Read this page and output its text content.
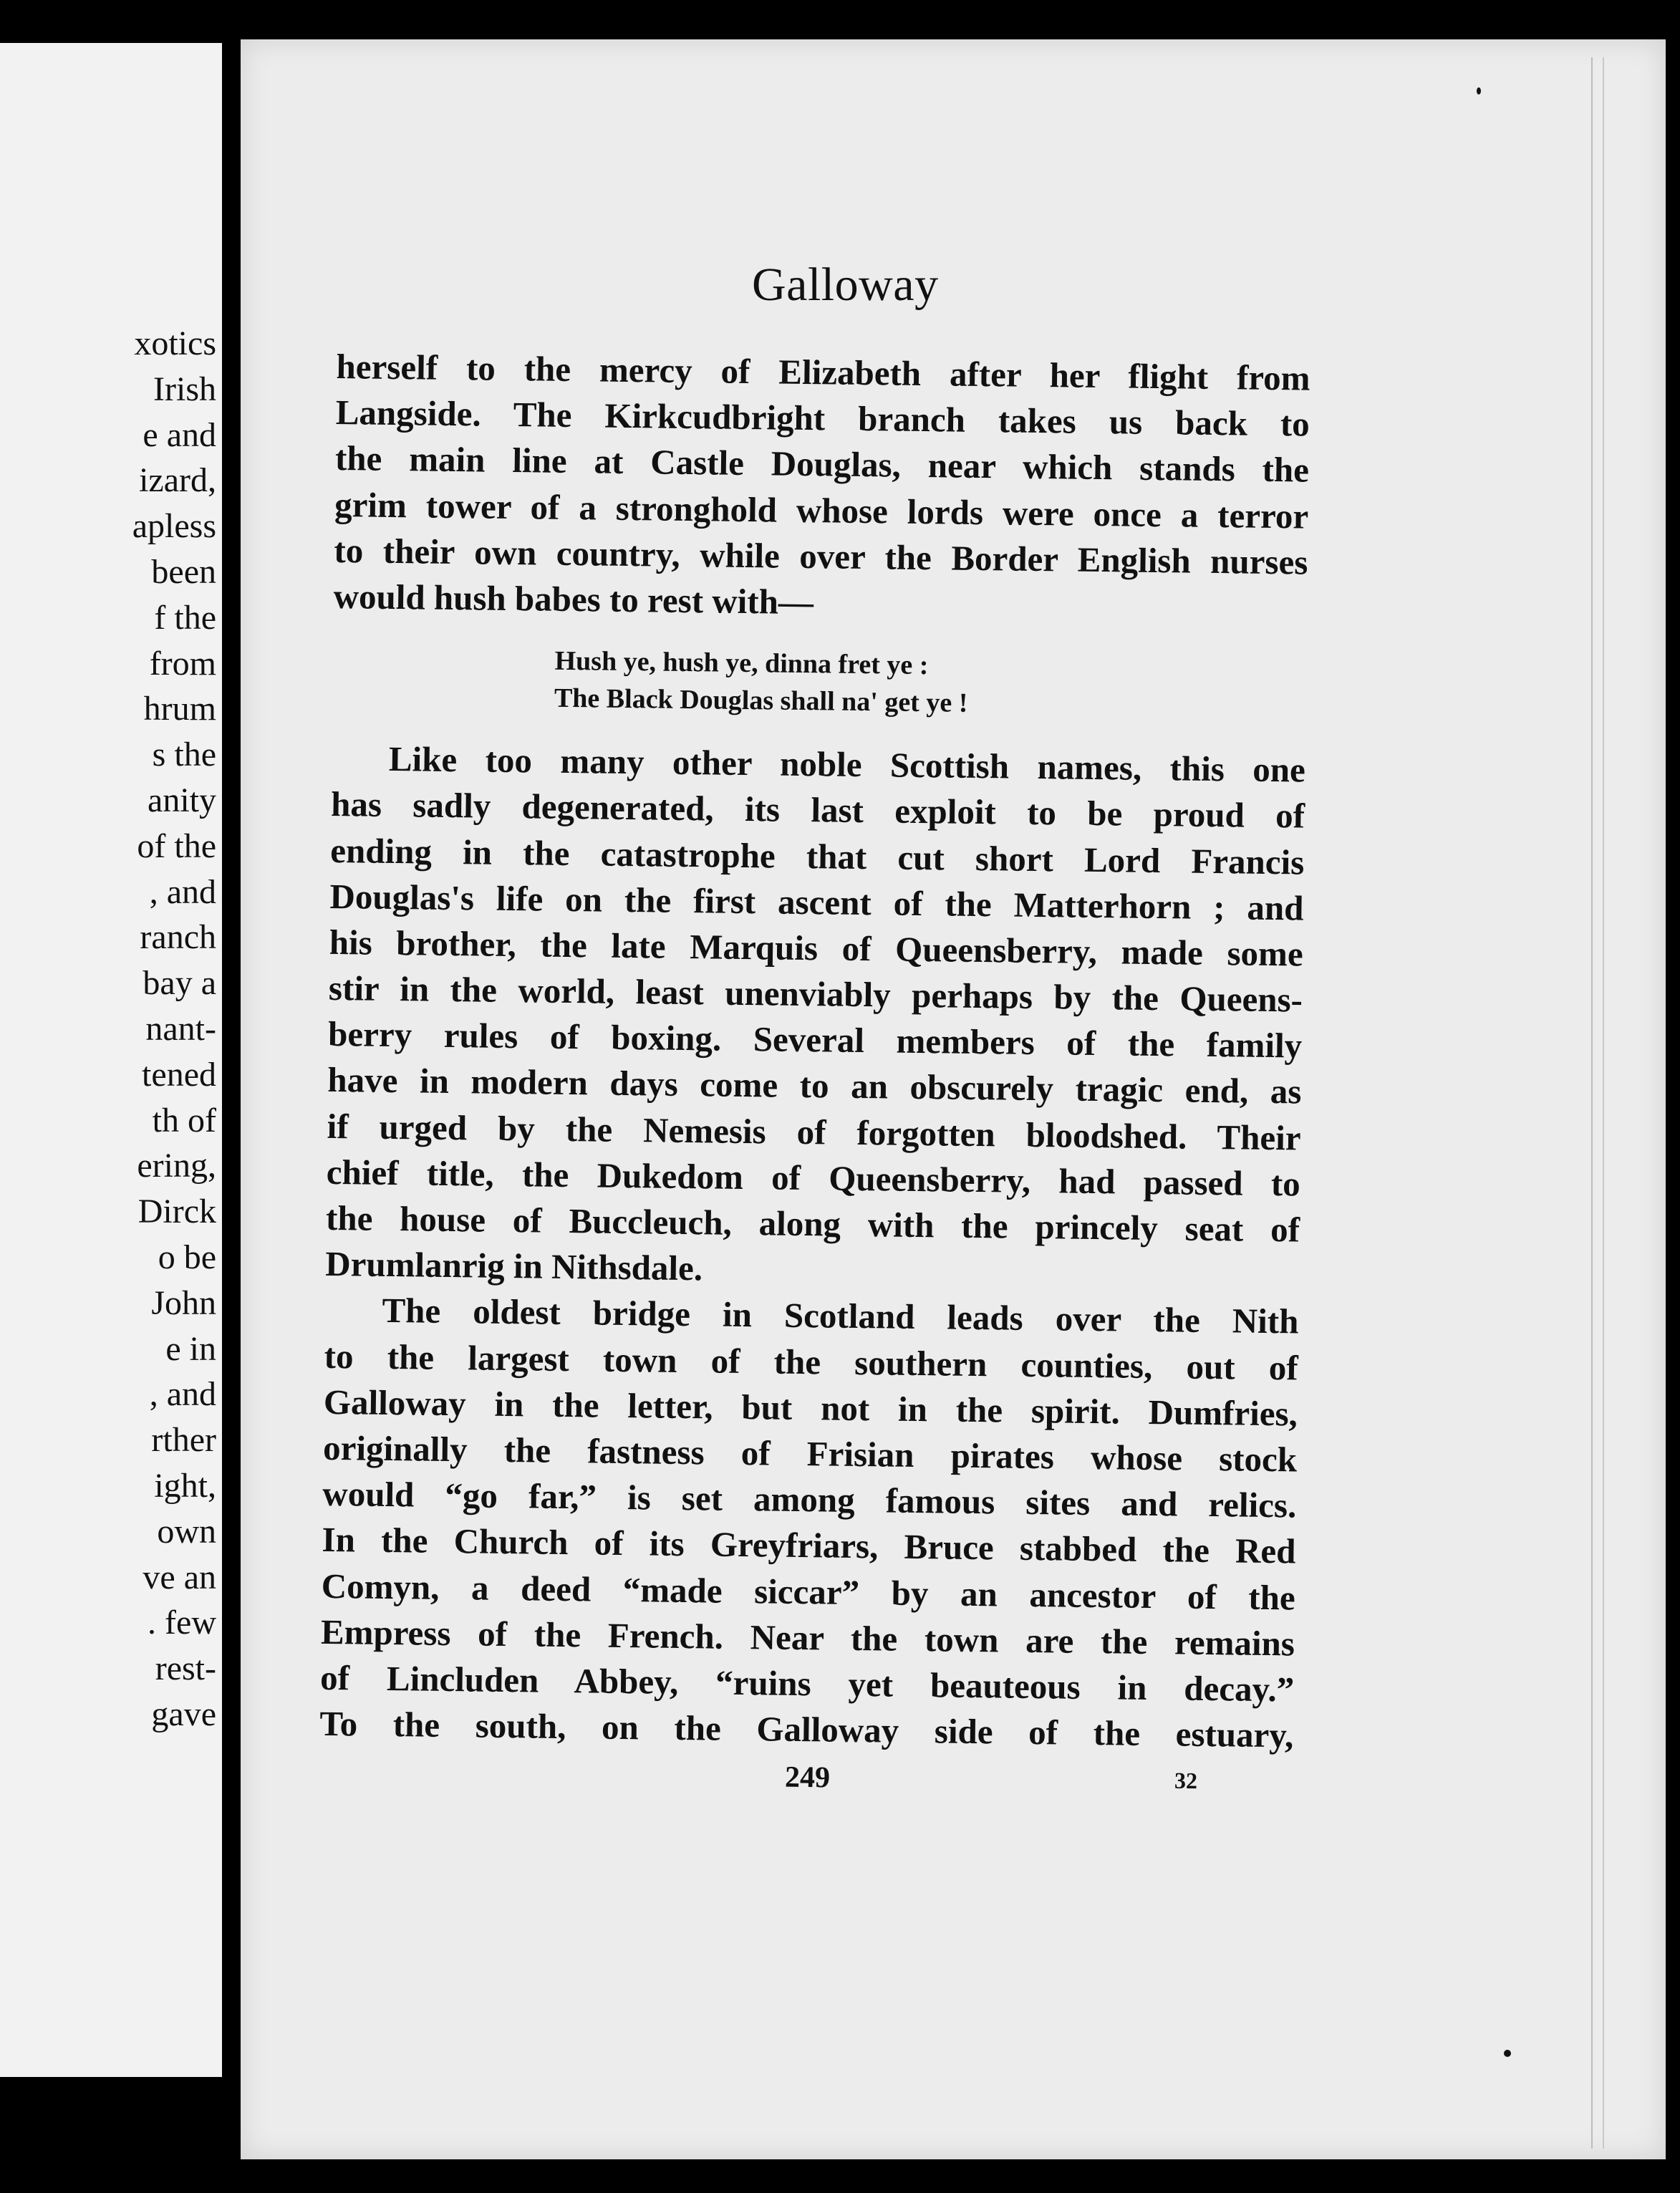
xotics
Irish
e and
izard,
apless
been
f the
from
hrum
s the
anity
of the
, and
ranch
bay a
nant-
tened
th of
ering,
Dirck
o be
John
e in
, and
rther
ight,
own
ve an
. few
rest-
gave
Galloway
herself to the mercy of Elizabeth after her flight from
Langside. The Kirkcudbright branch takes us back to
the main line at Castle Douglas, near which stands the
grim tower of a stronghold whose lords were once a terror
to their own country, while over the Border English nurses
would hush babes to rest with—
Hush ye, hush ye, dinna fret ye :
The Black Douglas shall na' get ye !
Like too many other noble Scottish names, this one
has sadly degenerated, its last exploit to be proud of
ending in the catastrophe that cut short Lord Francis
Douglas's life on the first ascent of the Matterhorn ; and
his brother, the late Marquis of Queensberry, made some
stir in the world, least unenviably perhaps by the Queens-
berry rules of boxing. Several members of the family
have in modern days come to an obscurely tragic end, as
if urged by the Nemesis of forgotten bloodshed. Their
chief title, the Dukedom of Queensberry, had passed to
the house of Buccleuch, along with the princely seat of
Drumlanrig in Nithsdale.
The oldest bridge in Scotland leads over the Nith
to the largest town of the southern counties, out of
Galloway in the letter, but not in the spirit. Dumfries,
originally the fastness of Frisian pirates whose stock
would “go far,” is set among famous sites and relics.
In the Church of its Greyfriars, Bruce stabbed the Red
Comyn, a deed “made siccar” by an ancestor of the
Empress of the French. Near the town are the remains
of Lincluden Abbey, “ruins yet beauteous in decay.”
To the south, on the Galloway side of the estuary,
249	32
